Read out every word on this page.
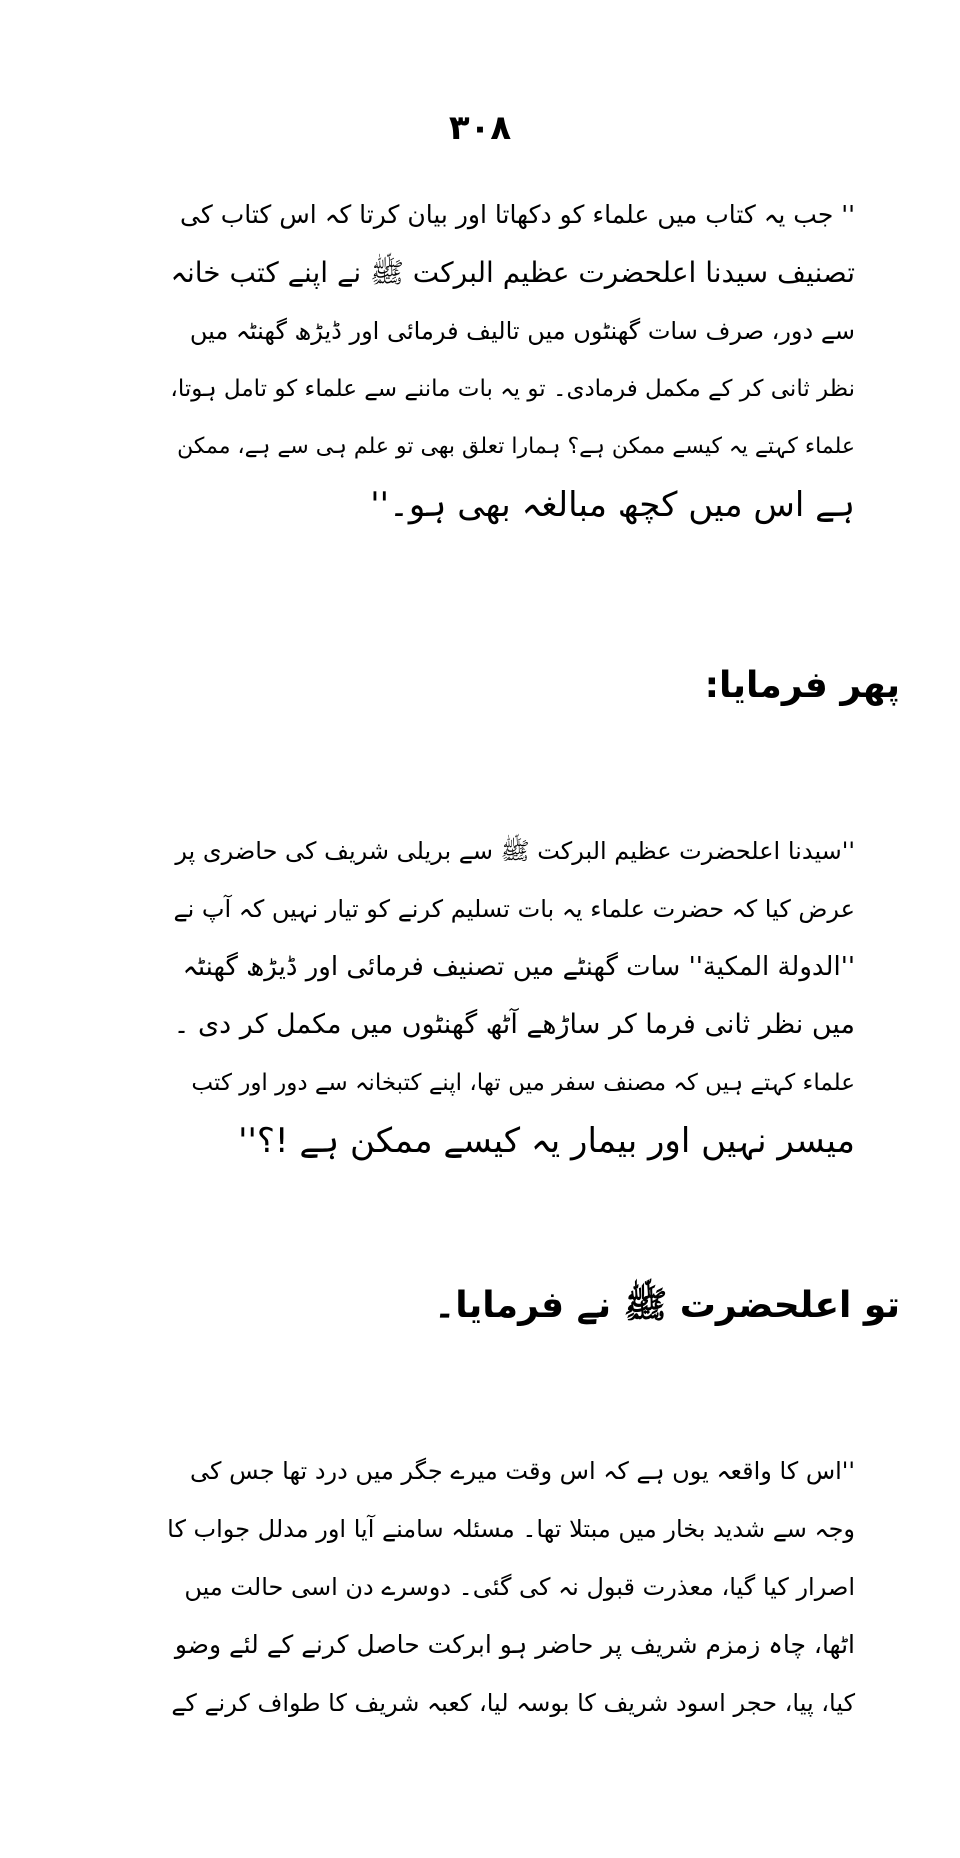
۳۰۸
'' جب یہ کتاب میں علماء کو دکھاتا اور بیان کرتا کہ اس کتاب کی
تصنیف سیدنا اعلحضرت عظیم البرکت ﷺ نے اپنے کتب خانہ
سے دور، صرف سات گھنٹوں میں تالیف فرمائی اور ڈیڑھ گھنٹہ میں
نظر ثانی کر کے مکمل فرمادی۔ تو یہ بات ماننے سے علماء کو تامل ہوتا،
علماء کہتے یہ کیسے ممکن ہے؟ ہمارا تعلق بھی تو علم ہی سے ہے، ممکن
ہے اس میں کچھ مبالغہ بھی ہو۔''
پھر فرمایا:
''سیدنا اعلحضرت عظیم البرکت ﷺ سے بریلی شریف کی حاضری پر
عرض کیا کہ حضرت علماء یہ بات تسلیم کرنے کو تیار نہیں کہ آپ نے
''الدولة المکیة'' سات گھنٹے میں تصنیف فرمائی اور ڈیڑھ گھنٹہ
میں نظر ثانی فرما کر ساڑھے آٹھ گھنٹوں میں مکمل کر دی ۔
علماء کہتے ہیں کہ مصنف سفر میں تھا، اپنے کتبخانہ سے دور اور کتب
میسر نہیں اور بیمار یہ کیسے ممکن ہے !؟''
تو اعلحضرت ﷺ نے فرمایا۔
''اس کا واقعہ یوں ہے کہ اس وقت میرے جگر میں درد تھا جس کی
وجہ سے شدید بخار میں مبتلا تھا۔ مسئلہ سامنے آیا اور مدلل جواب کا
اصرار کیا گیا، معذرت قبول نہ کی گئی۔ دوسرے دن اسی حالت میں
اٹھا، چاہ زمزم شریف پر حاضر ہو ابرکت حاصل کرنے کے لئے وضو
کیا، پیا، حجر اسود شریف کا بوسہ لیا، کعبہ شریف کا طواف کرنے کے
